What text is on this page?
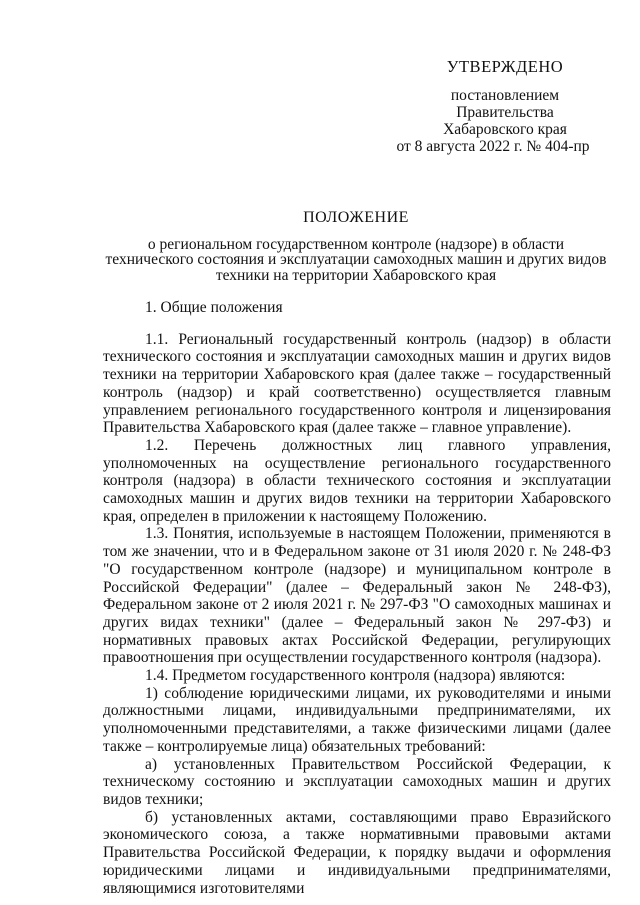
УТВЕРЖДЕНО
постановлением
Правительства
Хабаровского края
от 8 августа 2022 г. № 404-пр
ПОЛОЖЕНИЕ
о региональном государственном контроле (надзоре) в области
технического состояния и эксплуатации самоходных машин и других видов
техники на территории Хабаровского края

1. Общие положения

1.1. Региональный государственный контроль (надзор) в области технического состояния и эксплуатации самоходных машин и других видов техники на территории Хабаровского края (далее также – государственный контроль (надзор) и край соответственно) осуществляется главным управлением регионального государственного контроля и лицензирования Правительства Хабаровского края (далее также – главное управление).

1.2. Перечень должностных лиц главного управления, уполномоченных на осуществление регионального государственного контроля (надзора) в области технического состояния и эксплуатации самоходных машин и других видов техники на территории Хабаровского края, определен в приложении к настоящему Положению.

1.3. Понятия, используемые в настоящем Положении, применяются в том же значении, что и в Федеральном законе от 31 июля 2020 г. № 248-ФЗ "О государственном контроле (надзоре) и муниципальном контроле в Российской Федерации" (далее – Федеральный закон № 248-ФЗ), Федеральном законе от 2 июля 2021 г. № 297-ФЗ "О самоходных машинах и других видах техники" (далее – Федеральный закон № 297-ФЗ) и нормативных правовых актах Российской Федерации, регулирующих правоотношения при осуществлении государственного контроля (надзора).

1.4. Предметом государственного контроля (надзора) являются:

1) соблюдение юридическими лицами, их руководителями и иными должностными лицами, индивидуальными предпринимателями, их уполномоченными представителями, а также физическими лицами (далее также – контролируемые лица) обязательных требований:

а) установленных Правительством Российской Федерации, к техническому состоянию и эксплуатации самоходных машин и других видов техники;

б) установленных актами, составляющими право Евразийского экономического союза, а также нормативными правовыми актами Правительства Российской Федерации, к порядку выдачи и оформления юридическими лицами и индивидуальными предпринимателями, являющимися изготовителями
